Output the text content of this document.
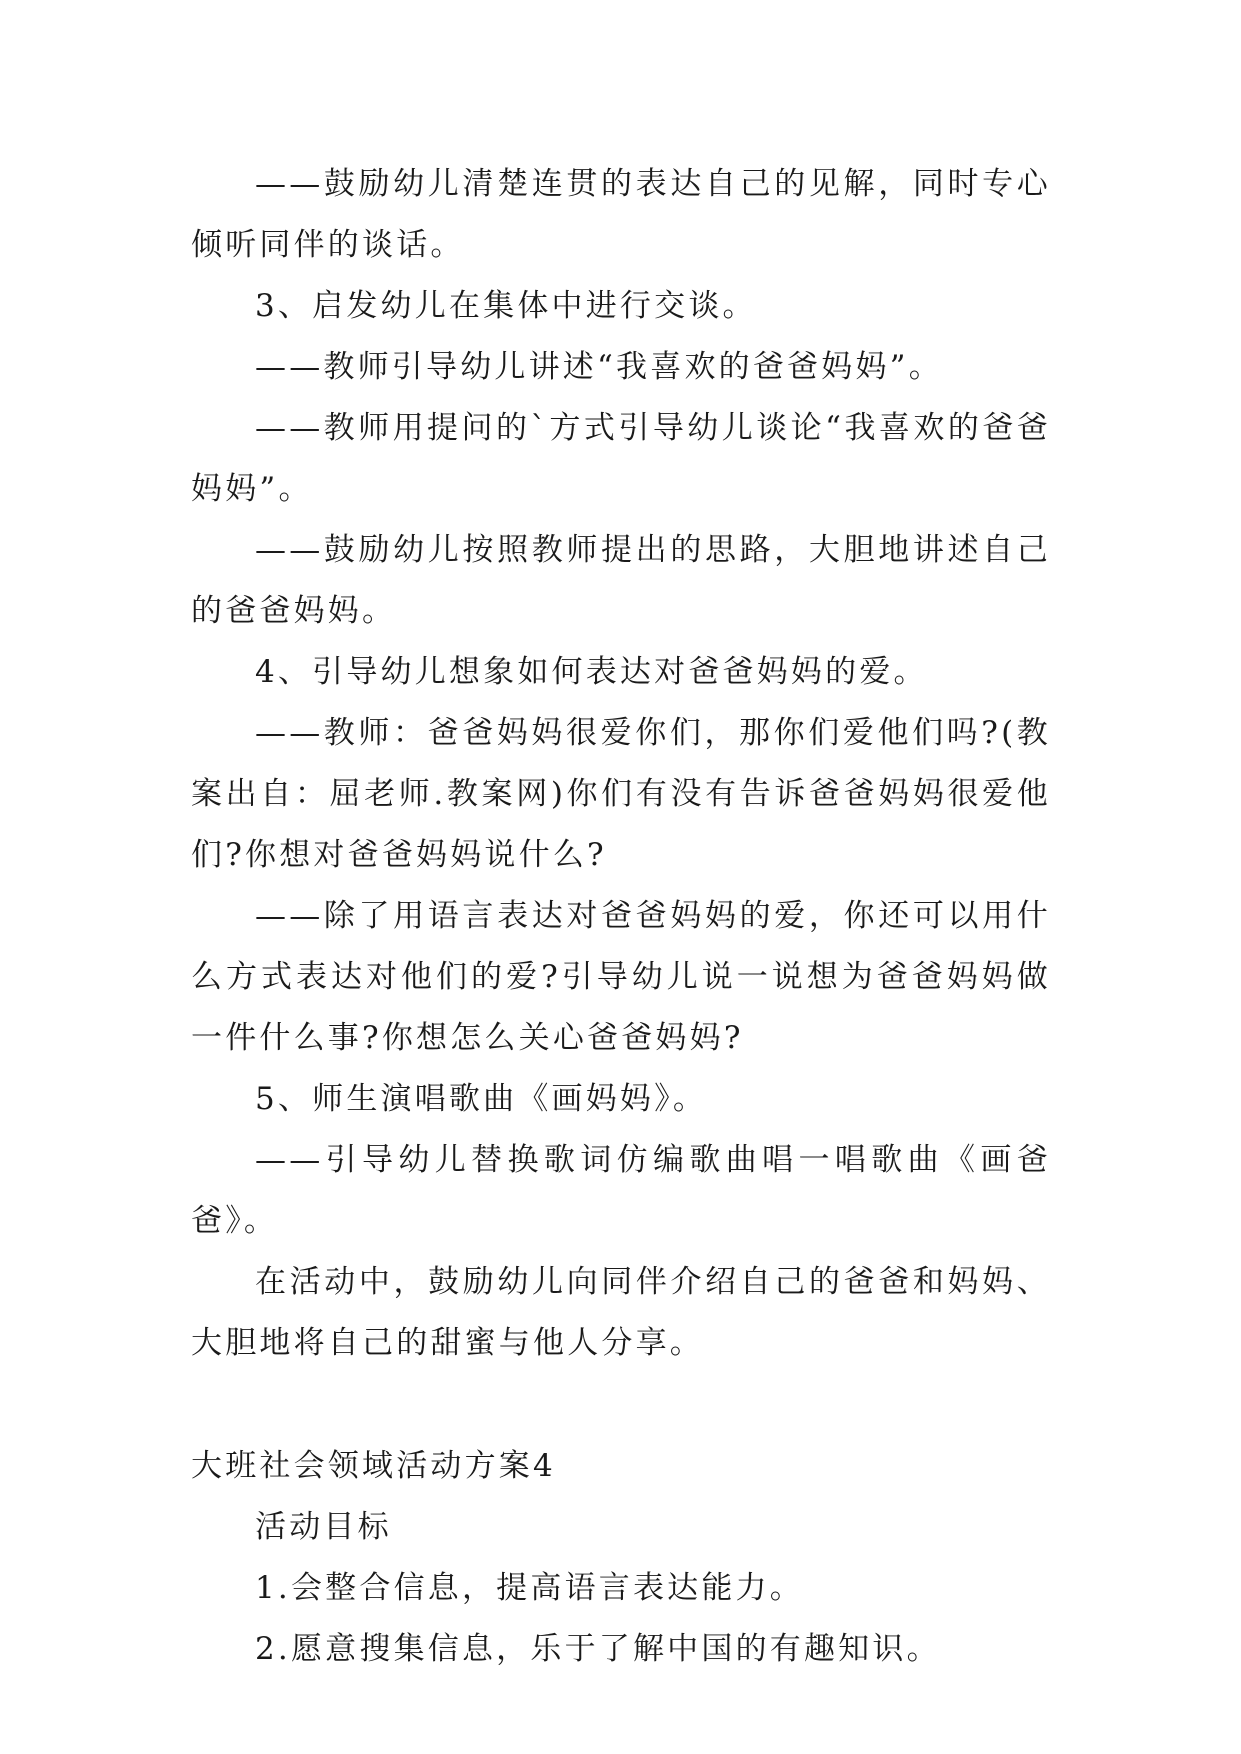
——鼓励幼儿清楚连贯的表达自己的见解，同时专心倾听同伴的谈话。

3、启发幼儿在集体中进行交谈。

——教师引导幼儿讲述“我喜欢的爸爸妈妈”。

——教师用提问的`方式引导幼儿谈论“我喜欢的爸爸妈妈”。

——鼓励幼儿按照教师提出的思路，大胆地讲述自己的爸爸妈妈。

4、引导幼儿想象如何表达对爸爸妈妈的爱。

——教师：爸爸妈妈很爱你们，那你们爱他们吗?(教案出自：屈老师.教案网)你们有没有告诉爸爸妈妈很爱他们?你想对爸爸妈妈说什么?

——除了用语言表达对爸爸妈妈的爱，你还可以用什么方式表达对他们的爱?引导幼儿说一说想为爸爸妈妈做一件什么事?你想怎么关心爸爸妈妈?

5、师生演唱歌曲《画妈妈》。

——引导幼儿替换歌词仿编歌曲唱一唱歌曲《画爸爸》。

在活动中，鼓励幼儿向同伴介绍自己的爸爸和妈妈、大胆地将自己的甜蜜与他人分享。

大班社会领域活动方案4

活动目标

1.会整合信息，提高语言表达能力。

2.愿意搜集信息，乐于了解中国的有趣知识。
